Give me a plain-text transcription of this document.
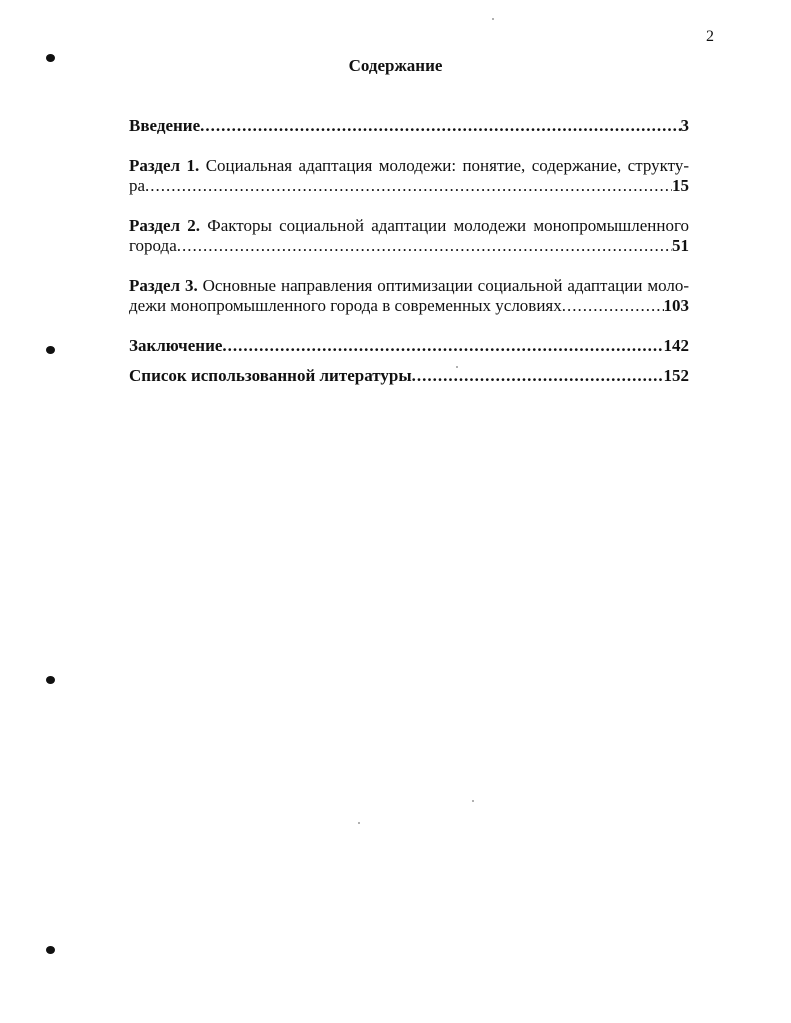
2
Содержание
Введение .....	3
Раздел 1. Социальная адаптация молодежи: понятие, содержание, структу-
ра .....	15
Раздел 2. Факторы социальной адаптации молодежи монопромышленного
города .....	51
Раздел 3. Основные направления оптимизации социальной адаптации моло-
дежи монопромышленного города в современных условиях .....	103
Заключение .....	142
Список использованной литературы .....	152
